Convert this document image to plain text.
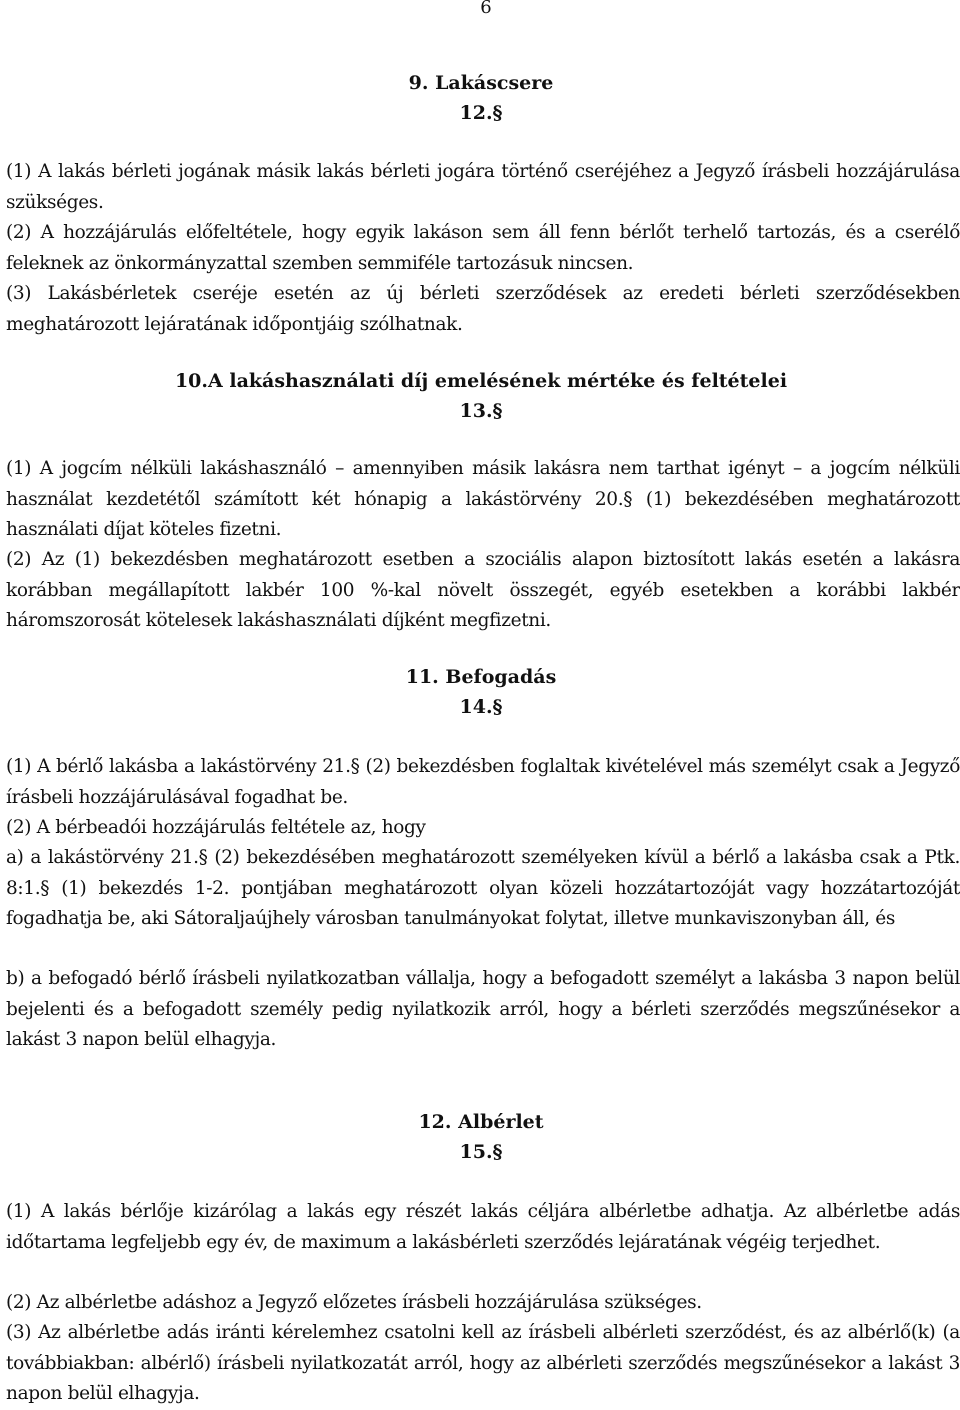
6
9. Lakáscsere
12.§
(1) A lakás bérleti jogának másik lakás bérleti jogára történő cseréjéhez a Jegyző írásbeli hozzájárulása szükséges.
(2) A hozzájárulás előfeltétele, hogy egyik lakáson sem áll fenn bérlőt terhelő tartozás, és a cserélő feleknek az önkormányzattal szemben semmiféle tartozásuk nincsen.
(3) Lakásbérletek cseréje esetén az új bérleti szerződések az eredeti bérleti szerződésekben meghatározott lejáratának időpontjáig szólhatnak.
10.A lakáshasználati díj emelésének mértéke és feltételei
13.§
(1) A jogcím nélküli lakáshasználó – amennyiben másik lakásra nem tarthat igényt – a jogcím nélküli használat kezdetétől számított két hónapig a lakástörvény 20.§ (1) bekezdésében meghatározott használati díjat köteles fizetni.
(2) Az (1) bekezdésben meghatározott esetben a szociális alapon biztosított lakás esetén a lakásra korábban megállapított lakbér 100 %-kal növelt összegét, egyéb esetekben a korábbi lakbér háromszorosát kötelesek lakáshasználati díjként megfizetni.
11. Befogadás
14.§
(1) A bérlő lakásba a lakástörvény 21.§ (2) bekezdésben foglaltak kivételével más személyt csak a Jegyző írásbeli hozzájárulásával fogadhat be.
(2) A bérbeadói hozzájárulás feltétele az, hogy
a) a lakástörvény 21.§ (2) bekezdésében meghatározott személyeken kívül a bérlő a lakásba csak a Ptk. 8:1.§ (1) bekezdés 1-2. pontjában meghatározott olyan közeli hozzátartozóját vagy hozzátartozóját fogadhatja be, aki Sátoraljaújhely városban tanulmányokat folytat, illetve munkaviszonyban áll, és
b) a befogadó bérlő írásbeli nyilatkozatban vállalja, hogy a befogadott személyt a lakásba 3 napon belül bejelenti és a befogadott személy pedig nyilatkozik arról, hogy a bérleti szerződés megszűnésekor a lakást 3 napon belül elhagyja.
12. Albérlet
15.§
(1) A lakás bérlője kizárólag a lakás egy részét lakás céljára albérletbe adhatja. Az albérletbe adás időtartama legfeljebb egy év, de maximum a lakásbérleti szerződés lejáratának végéig terjedhet.
(2) Az albérletbe adáshoz a Jegyző előzetes írásbeli hozzájárulása szükséges.
(3) Az albérletbe adás iránti kérelemhez csatolni kell az írásbeli albérleti szerződést, és az albérlő(k) (a továbbiakban: albérlő) írásbeli nyilatkozatát arról, hogy az albérleti szerződés megszűnésekor a lakást 3 napon belül elhagyja.
